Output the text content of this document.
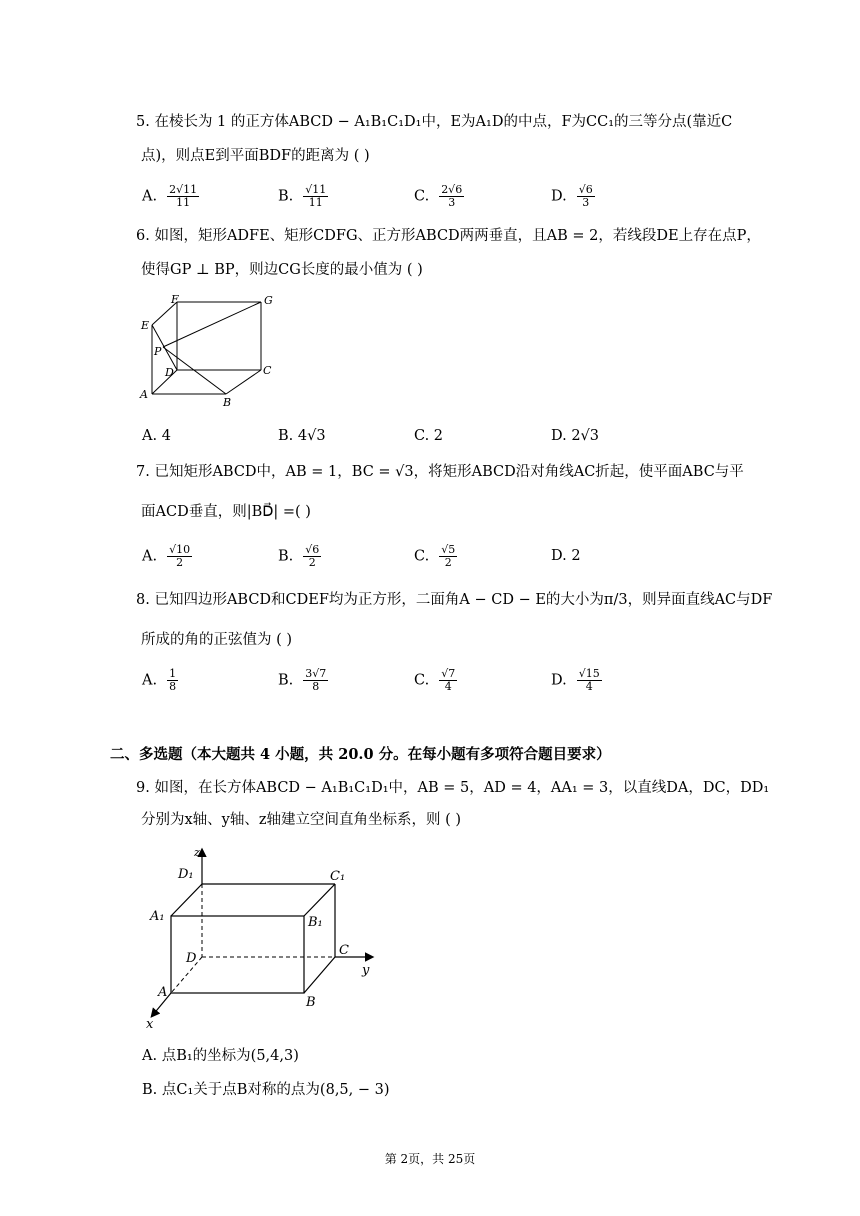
5. 在棱长为 1 的正方体ABCD − A₁B₁C₁D₁中，E为A₁D的中点，F为CC₁的三等分点(靠近C
点)，则点E到平面BDF的距离为 ( )
A. $\frac{2√11}{11}$	B. $\frac{√11}{11}$	C. $\frac{2√6}{3}$	D. $\frac{√6}{3}$
6. 如图，矩形ADFE、矩形CDFG、正方形ABCD两两垂直，且AB = 2，若线段DE上存在点P，
使得GP ⊥ BP，则边CG长度的最小值为 ( )
F	G
E
P
D	C
A
B
A. 4	B. 4√3	C. 2	D. 2√3
7. 已知矩形ABCD中，AB = 1，BC = √3，将矩形ABCD沿对角线AC折起，使平面ABC与平
面ACD垂直，则|BD⃗| =( )
A. $\frac{√10}{2}$	B. $\frac{√6}{2}$	C. $\frac{√5}{2}$	D. 2
8. 已知四边形ABCD和CDEF均为正方形，二面角A − CD − E的大小为π/3，则异面直线AC与DF
所成的角的正弦值为 ( )
A. $\frac{1}{8}$	B. $\frac{3√7}{8}$	C. $\frac{√7}{4}$	D. $\frac{√15}{4}$
二、多选题（本大题共 4 小题，共 20.0 分。在每小题有多项符合题目要求）
9. 如图，在长方体ABCD − A₁B₁C₁D₁中，AB = 5，AD = 4，AA₁ = 3，以直线DA，DC，DD₁
分别为x轴、y轴、z轴建立空间直角坐标系，则 ( )
z
D₁	C₁
A₁	B₁
C
y
D
A
B
x
A. 点B₁的坐标为(5,4,3)
B. 点C₁关于点B对称的点为(8,5, − 3)
第 2页，共 25页
